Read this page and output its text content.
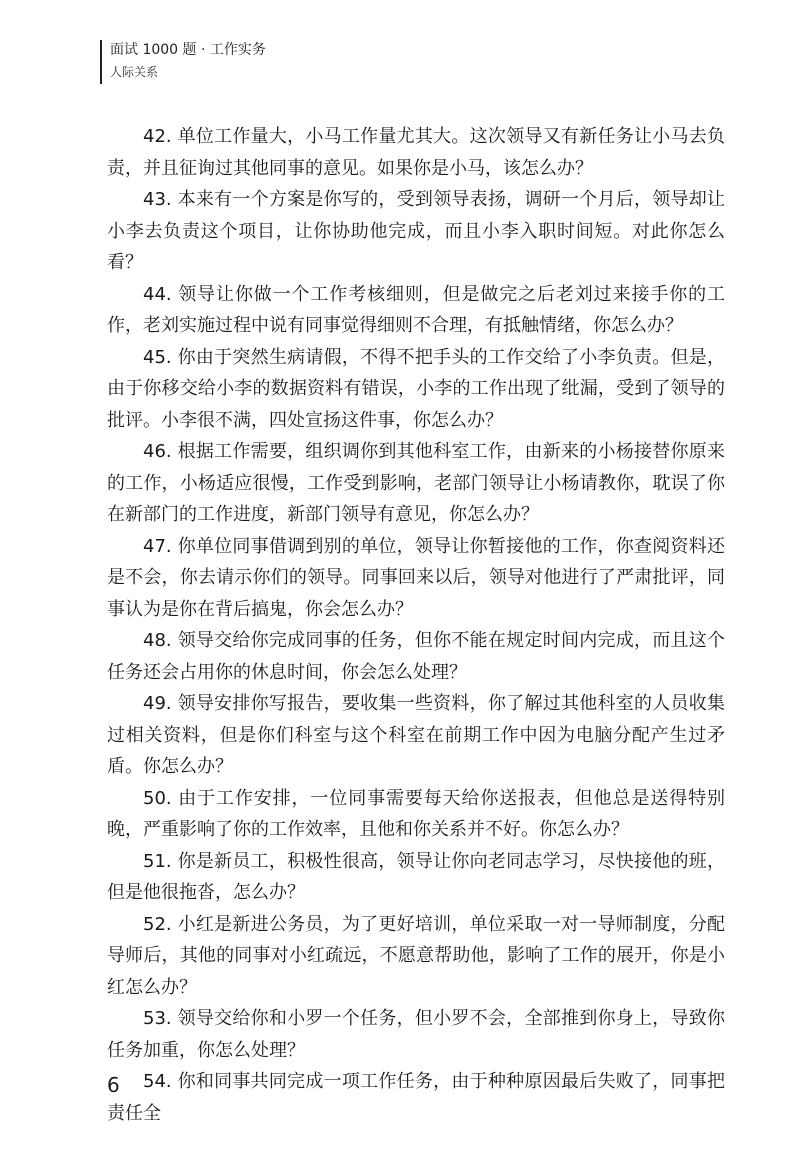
面试 1000 题 · 工作实务
人际关系

42. 单位工作量大，小马工作量尤其大。这次领导又有新任务让小马去负责，并且征询过其他同事的意见。如果你是小马，该怎么办？

43. 本来有一个方案是你写的，受到领导表扬，调研一个月后，领导却让小李去负责这个项目，让你协助他完成，而且小李入职时间短。对此你怎么看？

44. 领导让你做一个工作考核细则，但是做完之后老刘过来接手你的工作，老刘实施过程中说有同事觉得细则不合理，有抵触情绪，你怎么办？

45. 你由于突然生病请假，不得不把手头的工作交给了小李负责。但是，由于你移交给小李的数据资料有错误，小李的工作出现了纰漏，受到了领导的批评。小李很不满，四处宣扬这件事，你怎么办？

46. 根据工作需要，组织调你到其他科室工作，由新来的小杨接替你原来的工作，小杨适应很慢，工作受到影响，老部门领导让小杨请教你，耽误了你在新部门的工作进度，新部门领导有意见，你怎么办？

47. 你单位同事借调到别的单位，领导让你暂接他的工作，你查阅资料还是不会，你去请示你们的领导。同事回来以后，领导对他进行了严肃批评，同事认为是你在背后搞鬼，你会怎么办？

48. 领导交给你完成同事的任务，但你不能在规定时间内完成，而且这个任务还会占用你的休息时间，你会怎么处理？

49. 领导安排你写报告，要收集一些资料，你了解过其他科室的人员收集过相关资料，但是你们科室与这个科室在前期工作中因为电脑分配产生过矛盾。你怎么办？

50. 由于工作安排，一位同事需要每天给你送报表，但他总是送得特别晚，严重影响了你的工作效率，且他和你关系并不好。你怎么办？

51. 你是新员工，积极性很高，领导让你向老同志学习，尽快接他的班，但是他很拖沓，怎么办？

52. 小红是新进公务员，为了更好培训，单位采取一对一导师制度，分配导师后，其他的同事对小红疏远，不愿意帮助他，影响了工作的展开，你是小红怎么办？

53. 领导交给你和小罗一个任务，但小罗不会，全部推到你身上，导致你任务加重，你怎么处理？

54. 你和同事共同完成一项工作任务，由于种种原因最后失败了，同事把责任全

6
